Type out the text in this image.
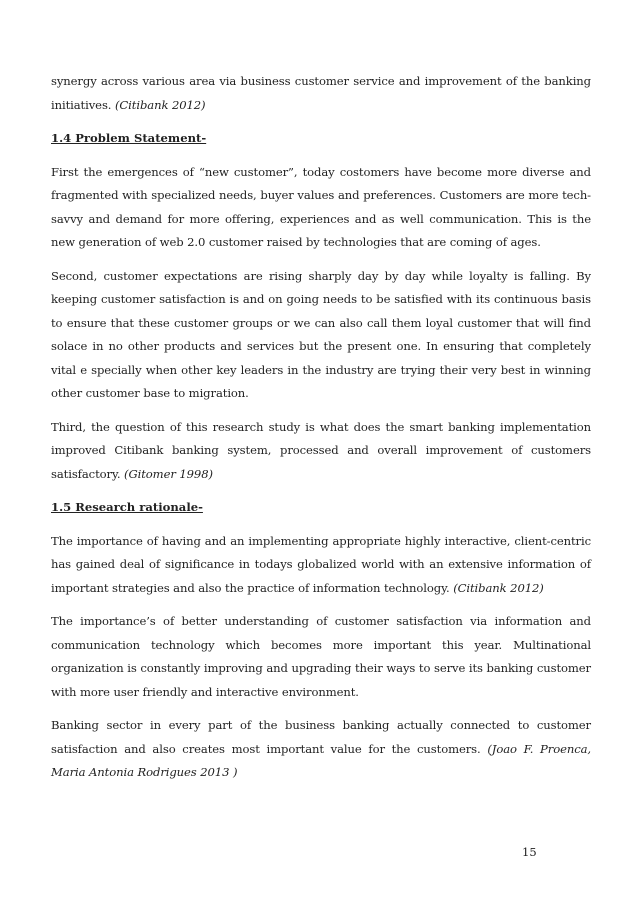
synergy across various area via business customer service and improvement of the banking initiatives. (Citibank 2012)

1.4 Problem Statement-

First the emergences of “new customer”, today costomers have become more diverse and fragmented with specialized needs, buyer values and preferences. Customers are more tech-savvy and demand for more offering, experiences and as well communication. This is the new generation of web 2.0 customer raised by technologies that are coming of ages.

Second, customer expectations are rising sharply day by day while loyalty is falling. By keeping customer satisfaction is and on going needs to be satisfied with its continuous basis to ensure that these customer groups or we can also call them loyal customer that will find solace in no other products and services but the present one. In ensuring that completely vital e specially when other key leaders in the industry are trying their very best in winning other customer base to migration.

Third, the question of this research study is what does the smart banking implementation improved Citibank banking system, processed and overall improvement of customers satisfactory. (Gitomer 1998)

1.5 Research rationale-

The importance of having and an implementing appropriate highly interactive, client-centric has gained deal of significance in todays globalized world with an extensive information of important strategies and also the practice of information technology. (Citibank 2012)

The importance’s of better understanding of customer satisfaction via information and communication technology which becomes more important this year. Multinational organization is constantly improving and upgrading their ways to serve its banking customer with more user friendly and interactive environment.

Banking sector in every part of the business banking actually connected to customer satisfaction and also creates most important value for the customers. (Joao F. Proenca, Maria Antonia Rodrigues 2013 )

15
